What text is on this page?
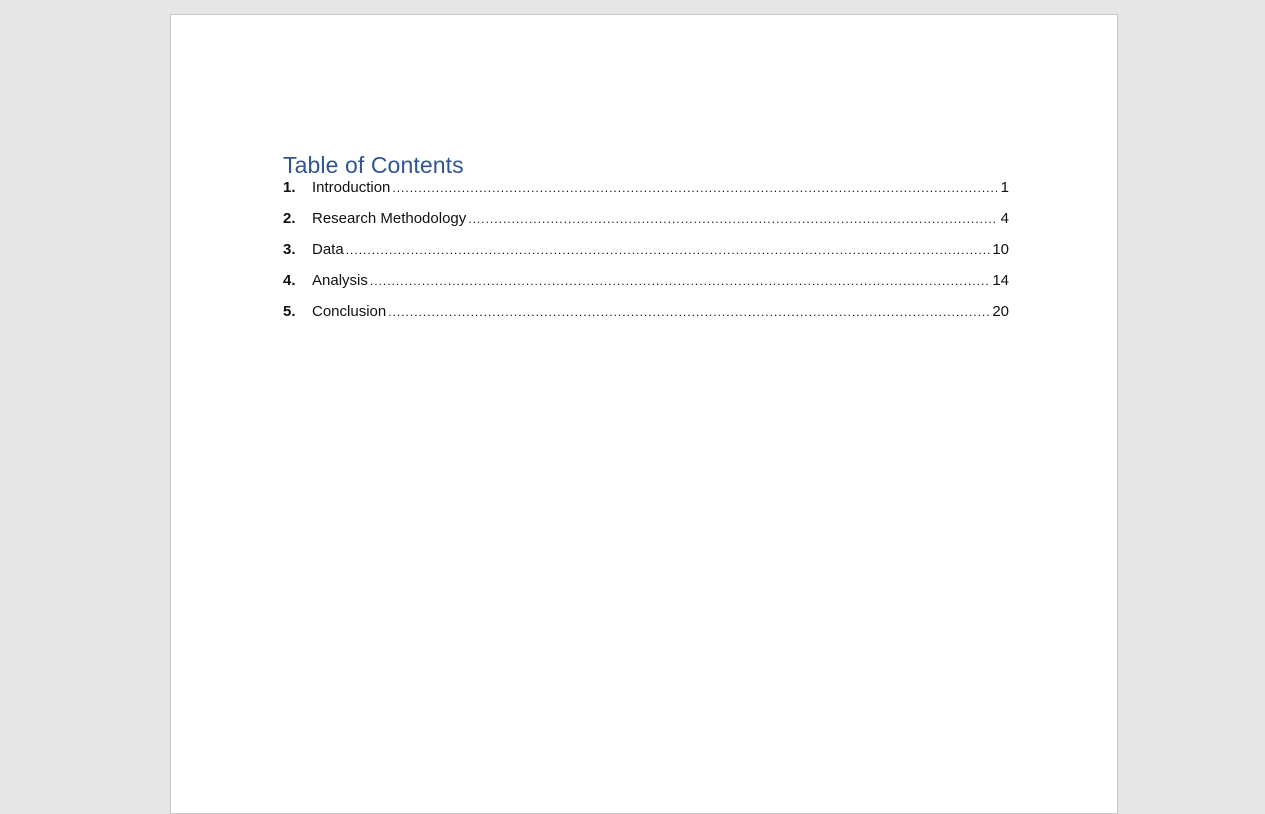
Table of Contents
1.	Introduction .....	1
2.	Research Methodology .....	4
3.	Data .....	10
4.	Analysis .....	14
5.	Conclusion .....	20
